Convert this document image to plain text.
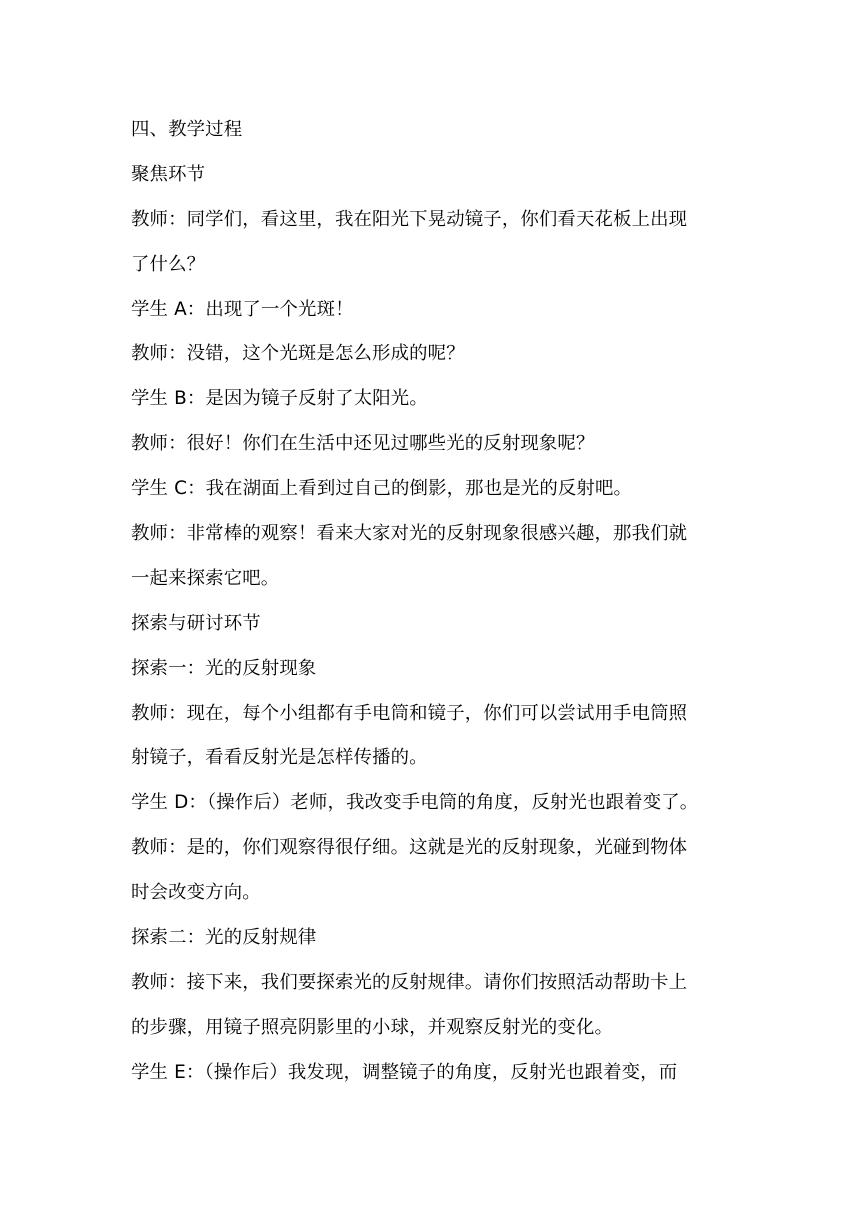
四、教学过程
聚焦环节
教师：同学们，看这里，我在阳光下晃动镜子，你们看天花板上出现
了什么？
学生 A：出现了一个光斑！
教师：没错，这个光斑是怎么形成的呢？
学生 B：是因为镜子反射了太阳光。
教师：很好！你们在生活中还见过哪些光的反射现象呢？
学生 C：我在湖面上看到过自己的倒影，那也是光的反射吧。
教师：非常棒的观察！看来大家对光的反射现象很感兴趣，那我们就
一起来探索它吧。
探索与研讨环节
探索一：光的反射现象
教师：现在，每个小组都有手电筒和镜子，你们可以尝试用手电筒照
射镜子，看看反射光是怎样传播的。
学生 D：（操作后）老师，我改变手电筒的角度，反射光也跟着变了。
教师：是的，你们观察得很仔细。这就是光的反射现象，光碰到物体
时会改变方向。
探索二：光的反射规律
教师：接下来，我们要探索光的反射规律。请你们按照活动帮助卡上
的步骤，用镜子照亮阴影里的小球，并观察反射光的变化。
学生 E：（操作后）我发现，调整镜子的角度，反射光也跟着变，而
